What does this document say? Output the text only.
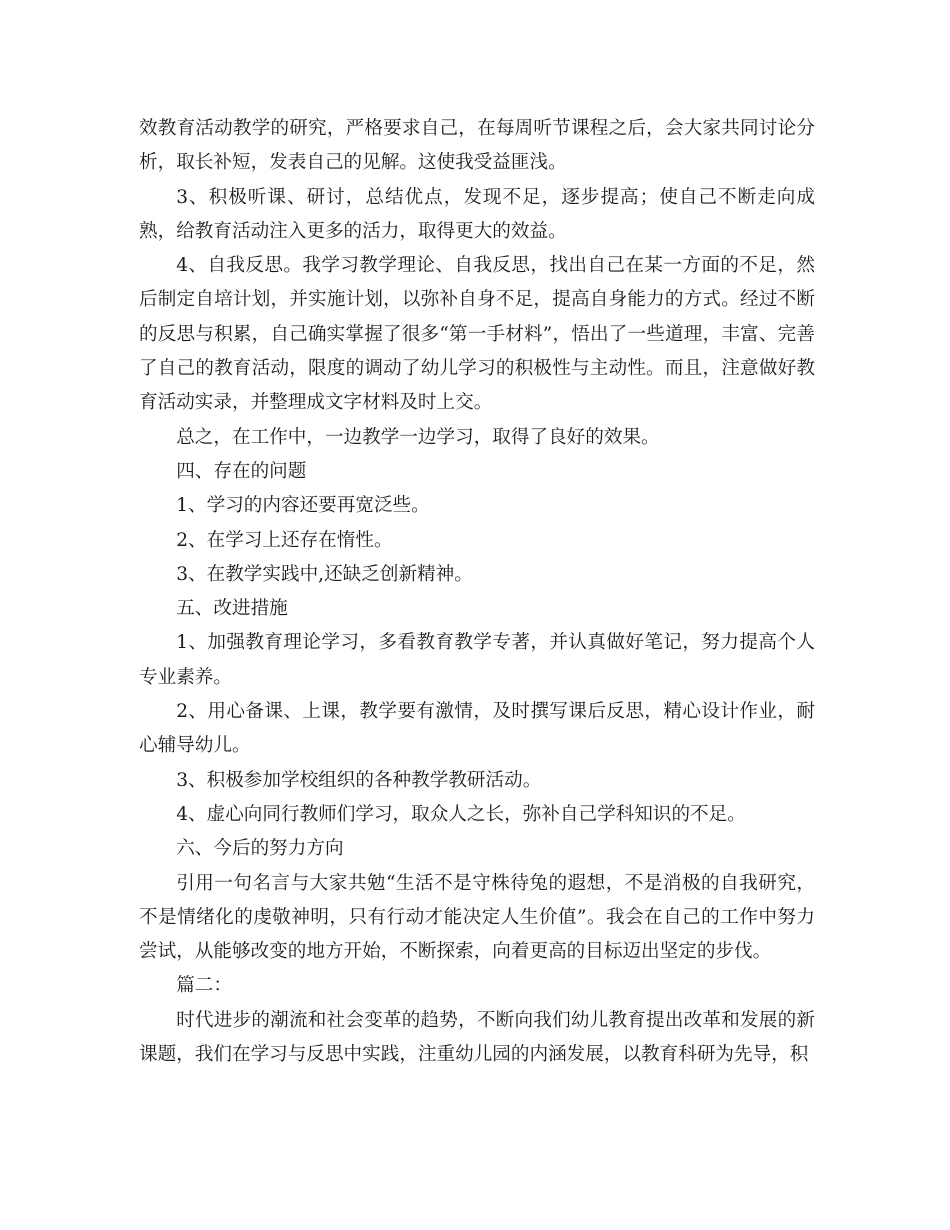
效教育活动教学的研究，严格要求自己，在每周听节课程之后，会大家共同讨论分析，取长补短，发表自己的见解。这使我受益匪浅。

3、积极听课、研讨，总结优点，发现不足，逐步提高；使自己不断走向成熟，给教育活动注入更多的活力，取得更大的效益。

4、自我反思。我学习教学理论、自我反思，找出自己在某一方面的不足，然后制定自培计划，并实施计划，以弥补自身不足，提高自身能力的方式。经过不断的反思与积累，自己确实掌握了很多“第一手材料”，悟出了一些道理，丰富、完善了自己的教育活动，限度的调动了幼儿学习的积极性与主动性。而且，注意做好教育活动实录，并整理成文字材料及时上交。

总之，在工作中，一边教学一边学习，取得了良好的效果。

四、存在的问题

1、学习的内容还要再宽泛些。

2、在学习上还存在惰性。

3、在教学实践中,还缺乏创新精神。

五、改进措施

1、加强教育理论学习，多看教育教学专著，并认真做好笔记，努力提高个人专业素养。

2、用心备课、上课，教学要有激情，及时撰写课后反思，精心设计作业，耐心辅导幼儿。

3、积极参加学校组织的各种教学教研活动。

4、虚心向同行教师们学习，取众人之长，弥补自己学科知识的不足。

六、今后的努力方向

引用一句名言与大家共勉“生活不是守株待兔的遐想，不是消极的自我研究，不是情绪化的虔敬神明，只有行动才能决定人生价值”。我会在自己的工作中努力尝试，从能够改变的地方开始，不断探索，向着更高的目标迈出坚定的步伐。

篇二：

时代进步的潮流和社会变革的趋势，不断向我们幼儿教育提出改革和发展的新课题，我们在学习与反思中实践，注重幼儿园的内涵发展，以教育科研为先导，积
